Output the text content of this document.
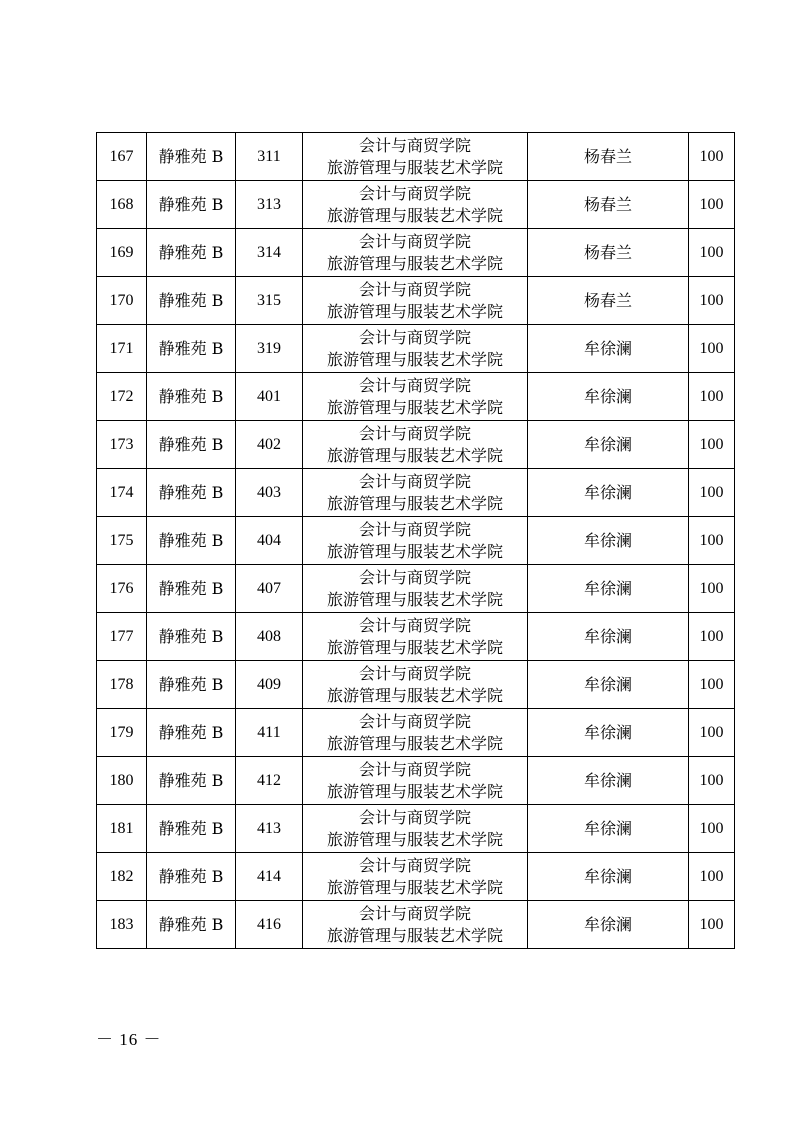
167	静雅苑 B	311	会计与商贸学院
旅游管理与服装艺术学院	杨春兰	100
168	静雅苑 B	313	会计与商贸学院
旅游管理与服装艺术学院	杨春兰	100
169	静雅苑 B	314	会计与商贸学院
旅游管理与服装艺术学院	杨春兰	100
170	静雅苑 B	315	会计与商贸学院
旅游管理与服装艺术学院	杨春兰	100
171	静雅苑 B	319	会计与商贸学院
旅游管理与服装艺术学院	牟徐澜	100
172	静雅苑 B	401	会计与商贸学院
旅游管理与服装艺术学院	牟徐澜	100
173	静雅苑 B	402	会计与商贸学院
旅游管理与服装艺术学院	牟徐澜	100
174	静雅苑 B	403	会计与商贸学院
旅游管理与服装艺术学院	牟徐澜	100
175	静雅苑 B	404	会计与商贸学院
旅游管理与服装艺术学院	牟徐澜	100
176	静雅苑 B	407	会计与商贸学院
旅游管理与服装艺术学院	牟徐澜	100
177	静雅苑 B	408	会计与商贸学院
旅游管理与服装艺术学院	牟徐澜	100
178	静雅苑 B	409	会计与商贸学院
旅游管理与服装艺术学院	牟徐澜	100
179	静雅苑 B	411	会计与商贸学院
旅游管理与服装艺术学院	牟徐澜	100
180	静雅苑 B	412	会计与商贸学院
旅游管理与服装艺术学院	牟徐澜	100
181	静雅苑 B	413	会计与商贸学院
旅游管理与服装艺术学院	牟徐澜	100
182	静雅苑 B	414	会计与商贸学院
旅游管理与服装艺术学院	牟徐澜	100
183	静雅苑 B	416	会计与商贸学院
旅游管理与服装艺术学院	牟徐澜	100
－ 16 －
